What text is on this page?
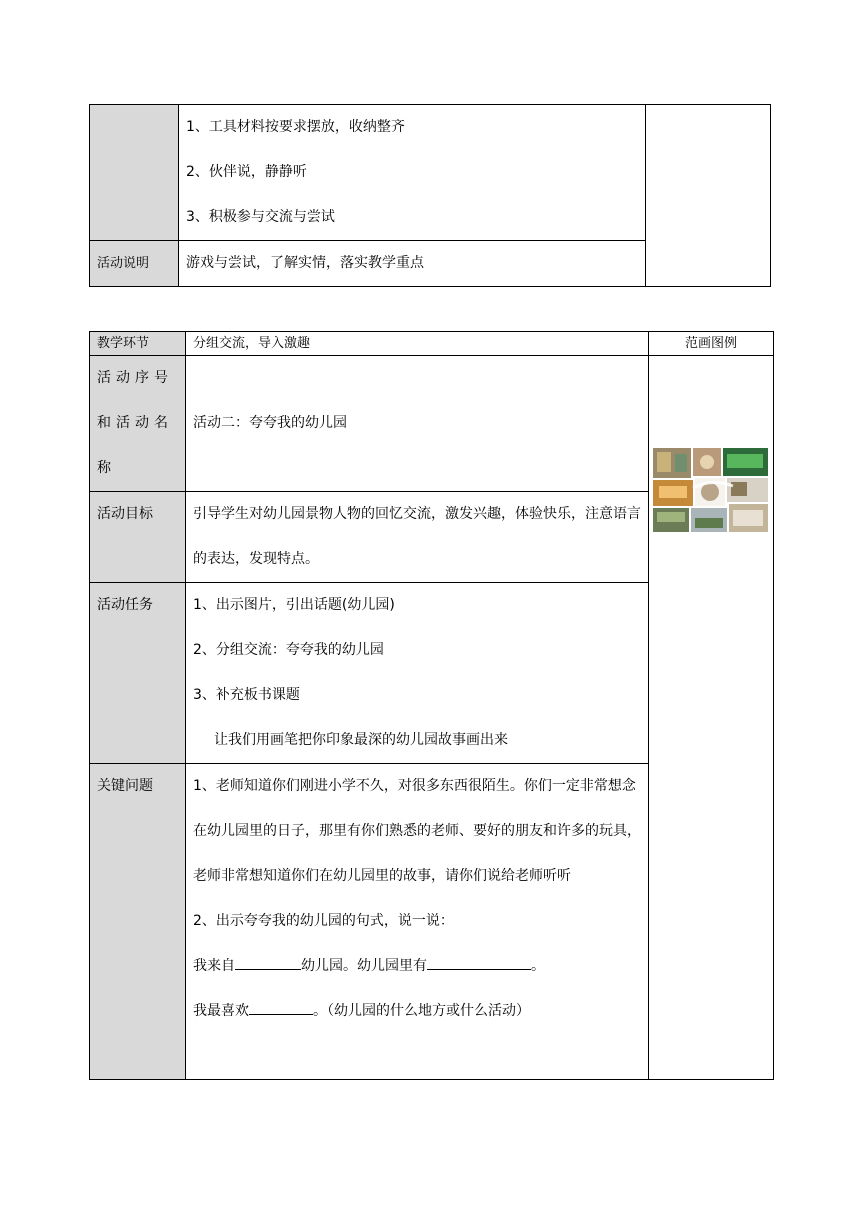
	1、工具材料按要求摆放，收纳整齐
2、伙伴说，静静听
3、积极参与交流与尝试	

活动说明	游戏与尝试，了解实情，落实教学重点	
教学环节	分组交流，导入激趣	范画图例

活动序号
和活动名
称	活动二：夸夸我的幼儿园

活动目标	引导学生对幼儿园景物人物的回忆交流，激发兴趣，体验快乐，注意语言的表达，发现特点。	
活动任务	1、出示图片，引出话题(幼儿园)
2、分组交流：夸夸我的幼儿园
3、补充板书课题
让我们用画笔把你印象最深的幼儿园故事画出来	

关键问题	1、老师知道你们刚进小学不久，对很多东西很陌生。你们一定非常想念在幼儿园里的日子，那里有你们熟悉的老师、要好的朋友和许多的玩具，老师非常想知道你们在幼儿园里的故事，请你们说给老师听听
2、出示夸夸我的幼儿园的句式，说一说：
我来自 幼儿园。幼儿园里有 。
我最喜欢 。（幼儿园的什么地方或什么活动）	
